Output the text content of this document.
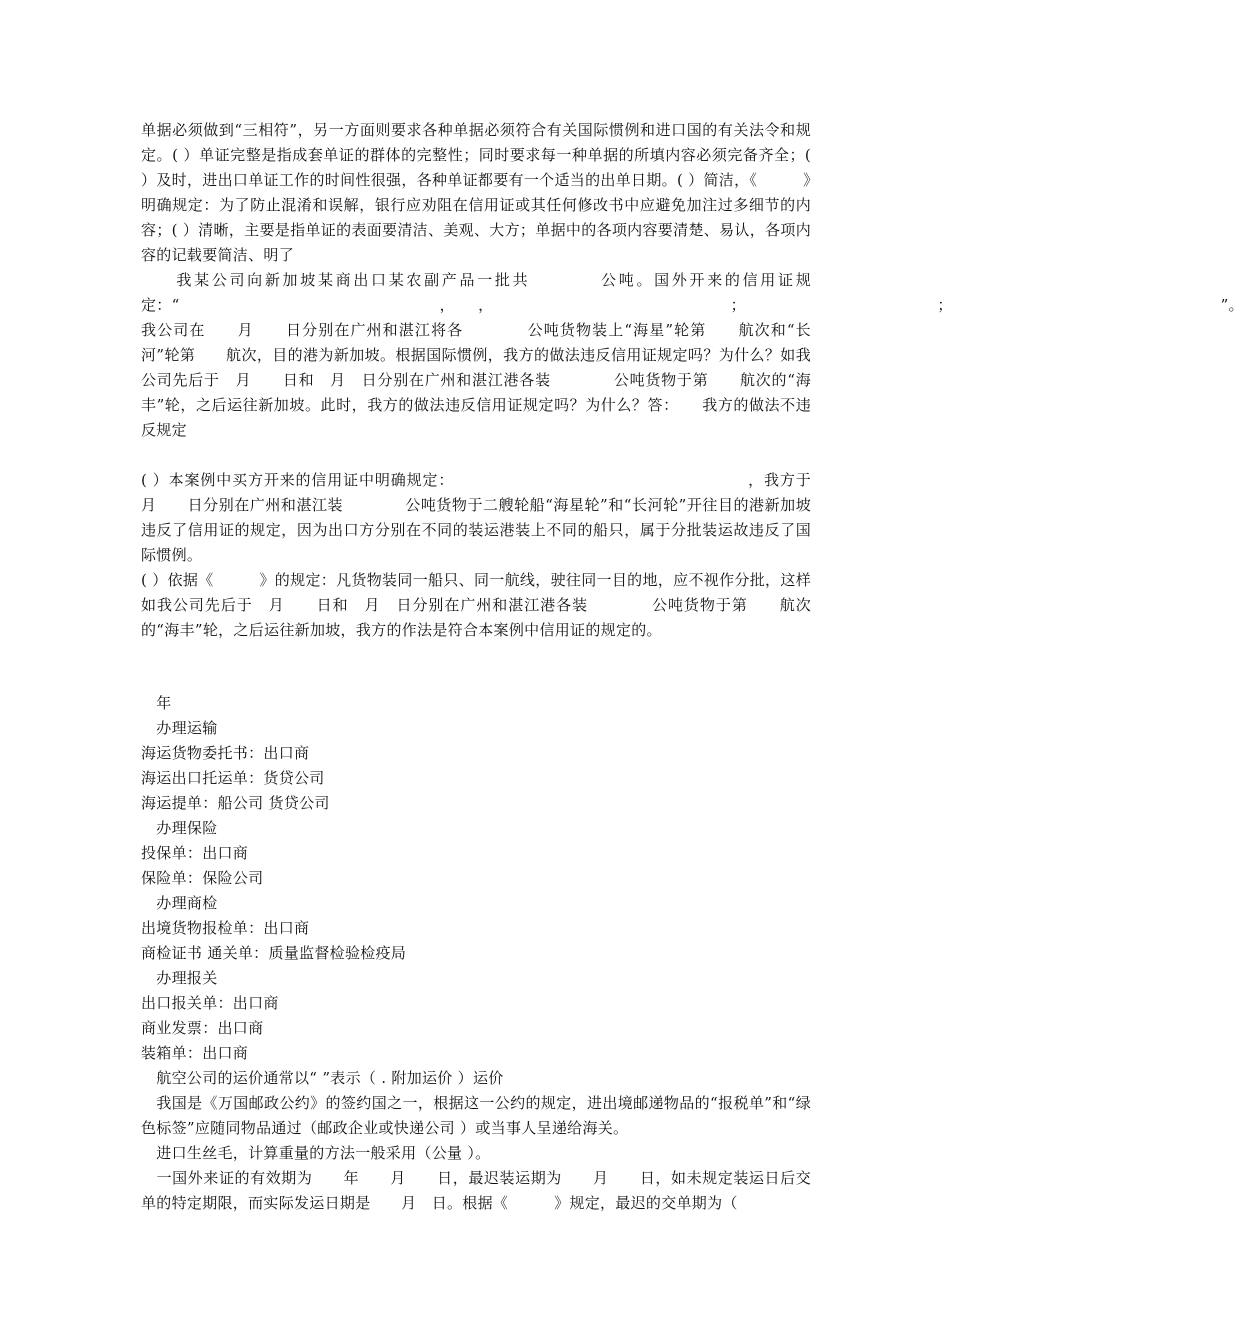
单据必须做到“三相符”，另一方面则要求各种单据必须符合有关国际惯例和进口国的有关法令和规定。( ）单证完整是指成套单证的群体的完整性；同时要求每一种单据的所填内容必须完备齐全；( ）及时，进出口单证工作的时间性很强，各种单证都要有一个适当的出单日期。( ）简洁，《　　　》明确规定：为了防止混淆和误解，银行应劝阻在信用证或其任何修改书中应避免加注过多细节的内容；( ）清晰，主要是指单证的表面要清洁、美观、大方；单据中的各项内容要清楚、易认，各项内容的记载要简洁、明了
　　我某公司向新加坡某商出口某农副产品一批共　　　　公吨。国外开来的信用证规定：“　　　　　　　　　　　　　　　　　，　　，　　　　　　　　　　　　　　　　；　　　　　　　　　　　　　；　　　　　　　　　　　　　　　　　　”。我公司在　　月　　日分别在广州和湛江将各　　　　公吨货物装上“海星”轮第　　航次和“长河”轮第　　航次，目的港为新加坡。根据国际惯例，我方的做法违反信用证规定吗？为什么？如我公司先后于　月　　日和　月　日分别在广州和湛江港各装　　　　公吨货物于第　　航次的“海丰”轮，之后运往新加坡。此时，我方的做法违反信用证规定吗？为什么？答：　　我方的做法不违反规定
( ）本案例中买方开来的信用证中明确规定：　　　　　　　　　　　　　　　　　　　，我方于　月　　日分别在广州和湛江装　　　　公吨货物于二艘轮船“海星轮”和“长河轮”开往目的港新加坡违反了信用证的规定，因为出口方分别在不同的装运港装上不同的船只，属于分批装运故违反了国际惯例。
( ）依据《　　　》的规定：凡货物装同一船只、同一航线，驶往同一目的地，应不视作分批，这样如我公司先后于　月　　日和　月　日分别在广州和湛江港各装　　　　公吨货物于第　　航次的“海丰”轮，之后运往新加坡，我方的作法是符合本案例中信用证的规定的。
　年
　办理运输
海运货物委托书：出口商
海运出口托运单：货贷公司
海运提单：船公司 货贷公司
　办理保险
投保单：出口商
保险单：保险公司
　办理商检
出境货物报检单：出口商
商检证书 通关单：质量监督检验检疫局
　办理报关
出口报关单：出口商
商业发票：出口商
装箱单：出口商
　航空公司的运价通常以“ ”表示（ . 附加运价 ）运价
　我国是《万国邮政公约》的签约国之一，根据这一公约的规定，进出境邮递物品的“报税单”和“绿色标签”应随同物品通过（邮政企业或快递公司 ）或当事人呈递给海关。
　进口生丝毛，计算重量的方法一般采用（公量 ）。
　一国外来证的有效期为　　年　　月　　日，最迟装运期为　　月　　日，如未规定装运日后交单的特定期限，而实际发运日期是　　月　日。根据《　　　》规定，最迟的交单期为（
